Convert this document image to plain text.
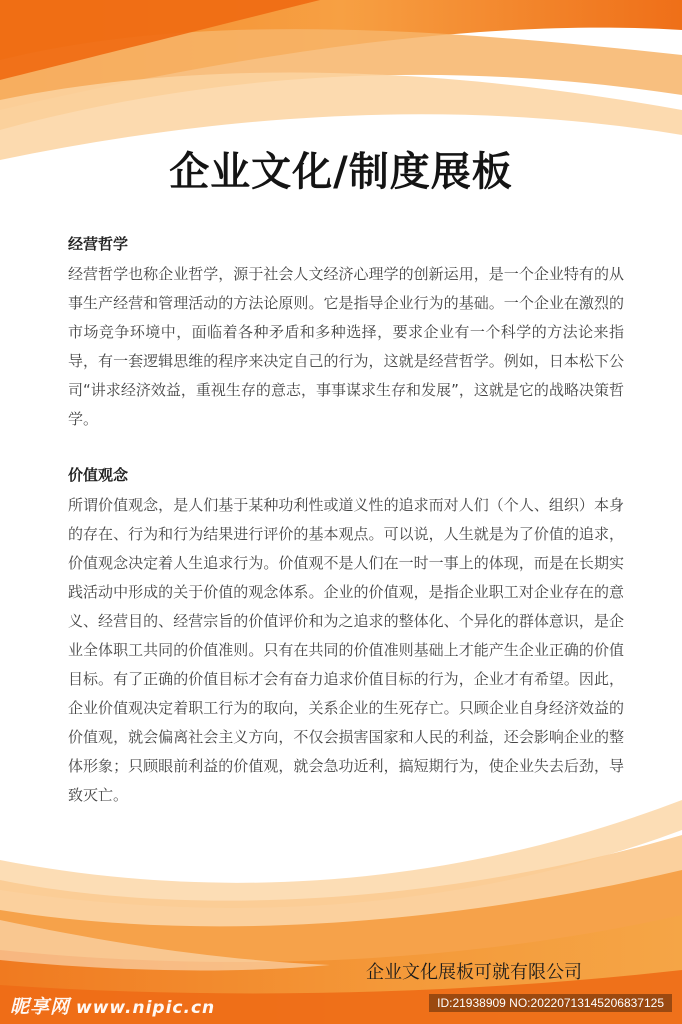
企业文化/制度展板
经营哲学

经营哲学也称企业哲学，源于社会人文经济心理学的创新运用，是一个企业特有的从事生产经营和管理活动的方法论原则。它是指导企业行为的基础。一个企业在激烈的市场竞争环境中，面临着各种矛盾和多种选择，要求企业有一个科学的方法论来指导，有一套逻辑思维的程序来决定自己的行为，这就是经营哲学。例如，日本松下公司“讲求经济效益，重视生存的意志，事事谋求生存和发展”，这就是它的战略决策哲学。

价值观念

所谓价值观念，是人们基于某种功利性或道义性的追求而对人们（个人、组织）本身的存在、行为和行为结果进行评价的基本观点。可以说，人生就是为了价值的追求，价值观念决定着人生追求行为。价值观不是人们在一时一事上的体现，而是在长期实践活动中形成的关于价值的观念体系。企业的价值观，是指企业职工对企业存在的意义、经营目的、经营宗旨的价值评价和为之追求的整体化、个异化的群体意识，是企业全体职工共同的价值准则。只有在共同的价值准则基础上才能产生企业正确的价值目标。有了正确的价值目标才会有奋力追求价值目标的行为，企业才有希望。因此，企业价值观决定着职工行为的取向，关系企业的生死存亡。只顾企业自身经济效益的价值观，就会偏离社会主义方向，不仅会损害国家和人民的利益，还会影响企业的整体形象；只顾眼前利益的价值观，就会急功近利，搞短期行为，使企业失去后劲，导致灭亡。

企业文化展板可就有限公司
昵享网 www.nipic.cn	ID:21938909 NO:20220713145206837125
